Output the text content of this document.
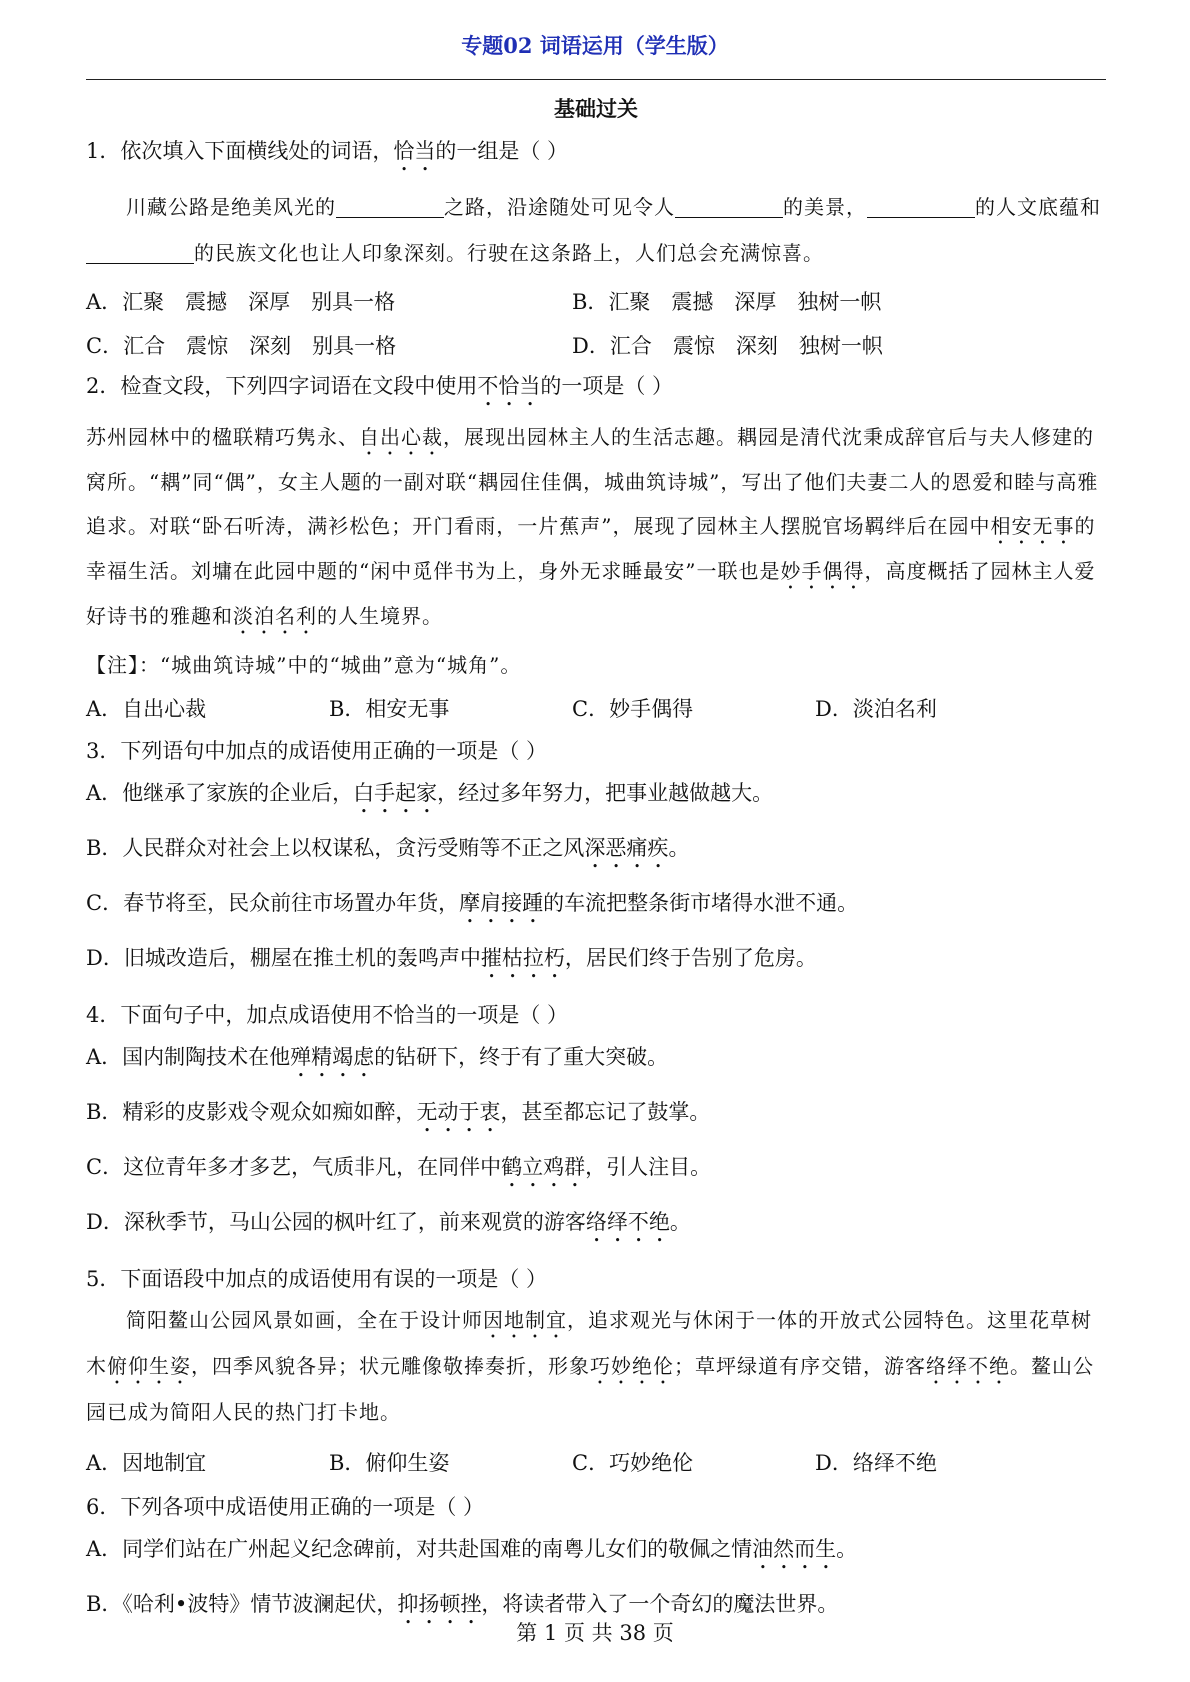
专题02 词语运用（学生版）
基础过关

1．依次填入下面横线处的词语，恰当的一组是（ ）

川藏公路是绝美风光的	之路，沿途随处可见令人	的美景，	的人文底蕴和的民族文化也让人印象深刻。行驶在这条路上，人们总会充满惊喜。

A．汇聚　震撼　深厚　别具一格	B．汇聚　震撼　深厚　独树一帜
C．汇合　震惊　深刻　别具一格	D．汇合　震惊　深刻　独树一帜

2．检查文段，下列四字词语在文段中使用不恰当的一项是（ ）

苏州园林中的楹联精巧隽永、自出心裁，展现出园林主人的生活志趣。耦园是清代沈秉成辞官后与夫人修建的窝所。“耦”同“偶”，女主人题的一副对联“耦园住佳偶，城曲筑诗城”，写出了他们夫妻二人的恩爱和睦与高雅追求。对联“卧石听涛，满衫松色；开门看雨，一片蕉声”，展现了园林主人摆脱官场羁绊后在园中相安无事的幸福生活。刘墉在此园中题的“闲中觅伴书为上，身外无求睡最安”一联也是妙手偶得，高度概括了园林主人爱好诗书的雅趣和淡泊名利的人生境界。

【注】：“城曲筑诗城”中的“城曲”意为“城角”。

A．自出心裁	B．相安无事	C．妙手偶得	D．淡泊名利

3．下列语句中加点的成语使用正确的一项是（ ）

A．他继承了家族的企业后，白手起家，经过多年努力，把事业越做越大。

B．人民群众对社会上以权谋私，贪污受贿等不正之风深恶痛疾。

C．春节将至，民众前往市场置办年货，摩肩接踵的车流把整条街市堵得水泄不通。

D．旧城改造后，棚屋在推土机的轰鸣声中摧枯拉朽，居民们终于告别了危房。

4．下面句子中，加点成语使用不恰当的一项是（ ）

A．国内制陶技术在他殚精竭虑的钻研下，终于有了重大突破。

B．精彩的皮影戏令观众如痴如醉，无动于衷，甚至都忘记了鼓掌。

C．这位青年多才多艺，气质非凡，在同伴中鹤立鸡群，引人注目。

D．深秋季节，马山公园的枫叶红了，前来观赏的游客络绎不绝。

5．下面语段中加点的成语使用有误的一项是（ ）

简阳鳌山公园风景如画，全在于设计师因地制宜，追求观光与休闲于一体的开放式公园特色。这里花草树木俯仰生姿，四季风貌各异；状元雕像敬捧奏折，形象巧妙绝伦；草坪绿道有序交错，游客络绎不绝。鳌山公园已成为简阳人民的热门打卡地。

A．因地制宜	B．俯仰生姿	C．巧妙绝伦	D．络绎不绝

6．下列各项中成语使用正确的一项是（ ）

A．同学们站在广州起义纪念碑前，对共赴国难的南粤儿女们的敬佩之情油然而生。

B．《哈利•波特》情节波澜起伏，抑扬顿挫，将读者带入了一个奇幻的魔法世界。

第 1 页 共 38 页
